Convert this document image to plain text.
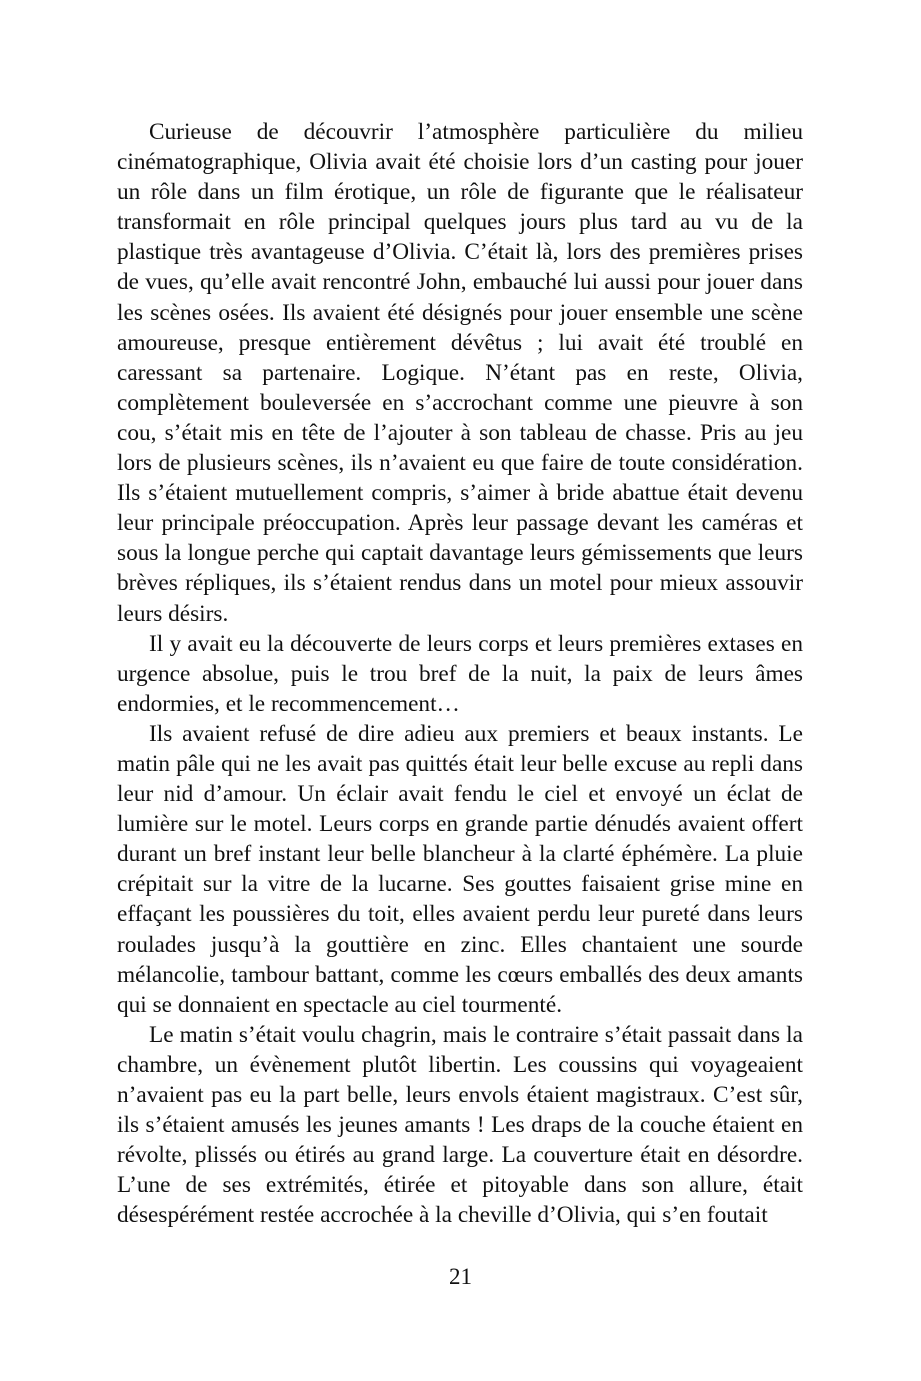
Curieuse de découvrir l’atmosphère particulière du milieu cinématographique, Olivia avait été choisie lors d’un casting pour jouer un rôle dans un film érotique, un rôle de figurante que le réalisateur transformait en rôle principal quelques jours plus tard au vu de la plastique très avantageuse d’Olivia. C’était là, lors des premières prises de vues, qu’elle avait rencontré John, embauché lui aussi pour jouer dans les scènes osées. Ils avaient été désignés pour jouer ensemble une scène amoureuse, presque entièrement dévêtus ; lui avait été troublé en caressant sa partenaire. Logique. N’étant pas en reste, Olivia, complètement bouleversée en s’accrochant comme une pieuvre à son cou, s’était mis en tête de l’ajouter à son tableau de chasse. Pris au jeu lors de plusieurs scènes, ils n’avaient eu que faire de toute considération. Ils s’étaient mutuellement compris, s’aimer à bride abattue était devenu leur principale préoccupation. Après leur passage devant les caméras et sous la longue perche qui captait davantage leurs gémissements que leurs brèves répliques, ils s’étaient rendus dans un motel pour mieux assouvir leurs désirs.

Il y avait eu la découverte de leurs corps et leurs premières extases en urgence absolue, puis le trou bref de la nuit, la paix de leurs âmes endormies, et le recommencement…

Ils avaient refusé de dire adieu aux premiers et beaux instants. Le matin pâle qui ne les avait pas quittés était leur belle excuse au repli dans leur nid d’amour. Un éclair avait fendu le ciel et envoyé un éclat de lumière sur le motel. Leurs corps en grande partie dénudés avaient offert durant un bref instant leur belle blancheur à la clarté éphémère. La pluie crépitait sur la vitre de la lucarne. Ses gouttes faisaient grise mine en effaçant les poussières du toit, elles avaient perdu leur pureté dans leurs roulades jusqu’à la gouttière en zinc. Elles chantaient une sourde mélancolie, tambour battant, comme les cœurs emballés des deux amants qui se donnaient en spectacle au ciel tourmenté.

Le matin s’était voulu chagrin, mais le contraire s’était passait dans la chambre, un évènement plutôt libertin. Les coussins qui voyageaient n’avaient pas eu la part belle, leurs envols étaient magistraux. C’est sûr, ils s’étaient amusés les jeunes amants ! Les draps de la couche étaient en révolte, plissés ou étirés au grand large. La couverture était en désordre. L’une de ses extrémités, étirée et pitoyable dans son allure, était désespérément restée accrochée à la cheville d’Olivia, qui s’en foutait

21
